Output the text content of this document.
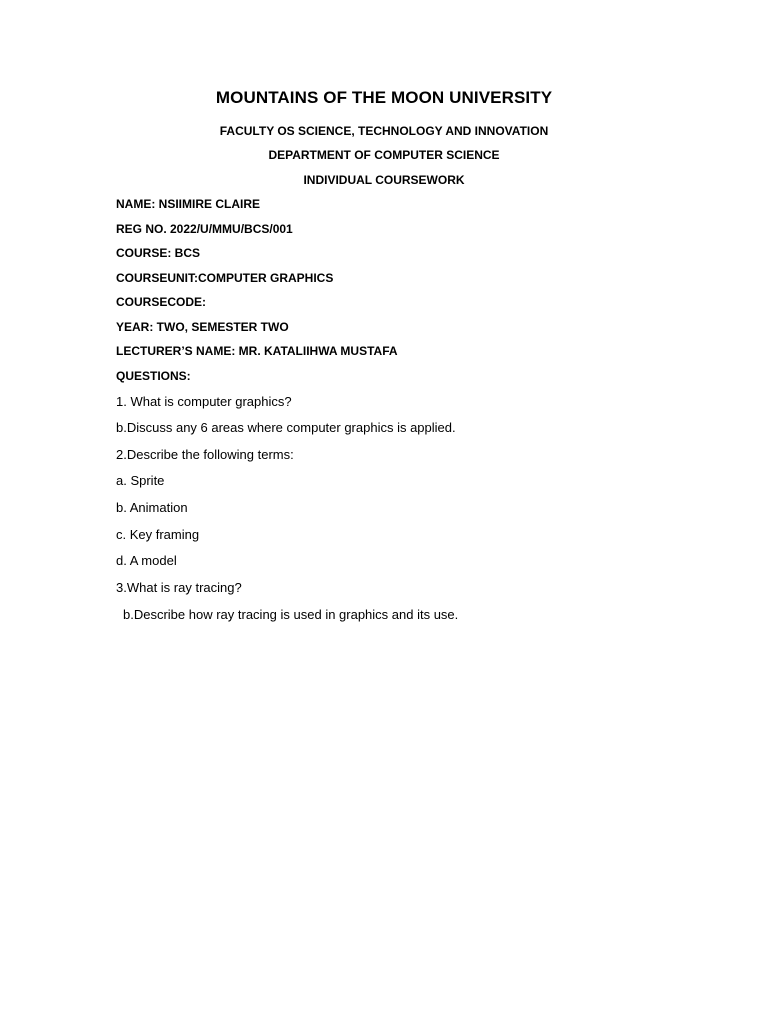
MOUNTAINS OF THE MOON UNIVERSITY
FACULTY OS SCIENCE, TECHNOLOGY AND INNOVATION
DEPARTMENT OF COMPUTER SCIENCE
INDIVIDUAL COURSEWORK
NAME: NSIIMIRE CLAIRE
REG NO. 2022/U/MMU/BCS/001
COURSE: BCS
COURSEUNIT:COMPUTER GRAPHICS
COURSECODE:
YEAR: TWO, SEMESTER TWO
LECTURER’S NAME: MR. KATALIIHWA MUSTAFA
QUESTIONS:
1. What is computer graphics?
b.Discuss any 6 areas where computer graphics is applied.
2.Describe the following terms:
a. Sprite
b. Animation
c. Key framing
d. A model
3.What is ray tracing?
b.Describe how ray tracing is used in graphics and its use.
